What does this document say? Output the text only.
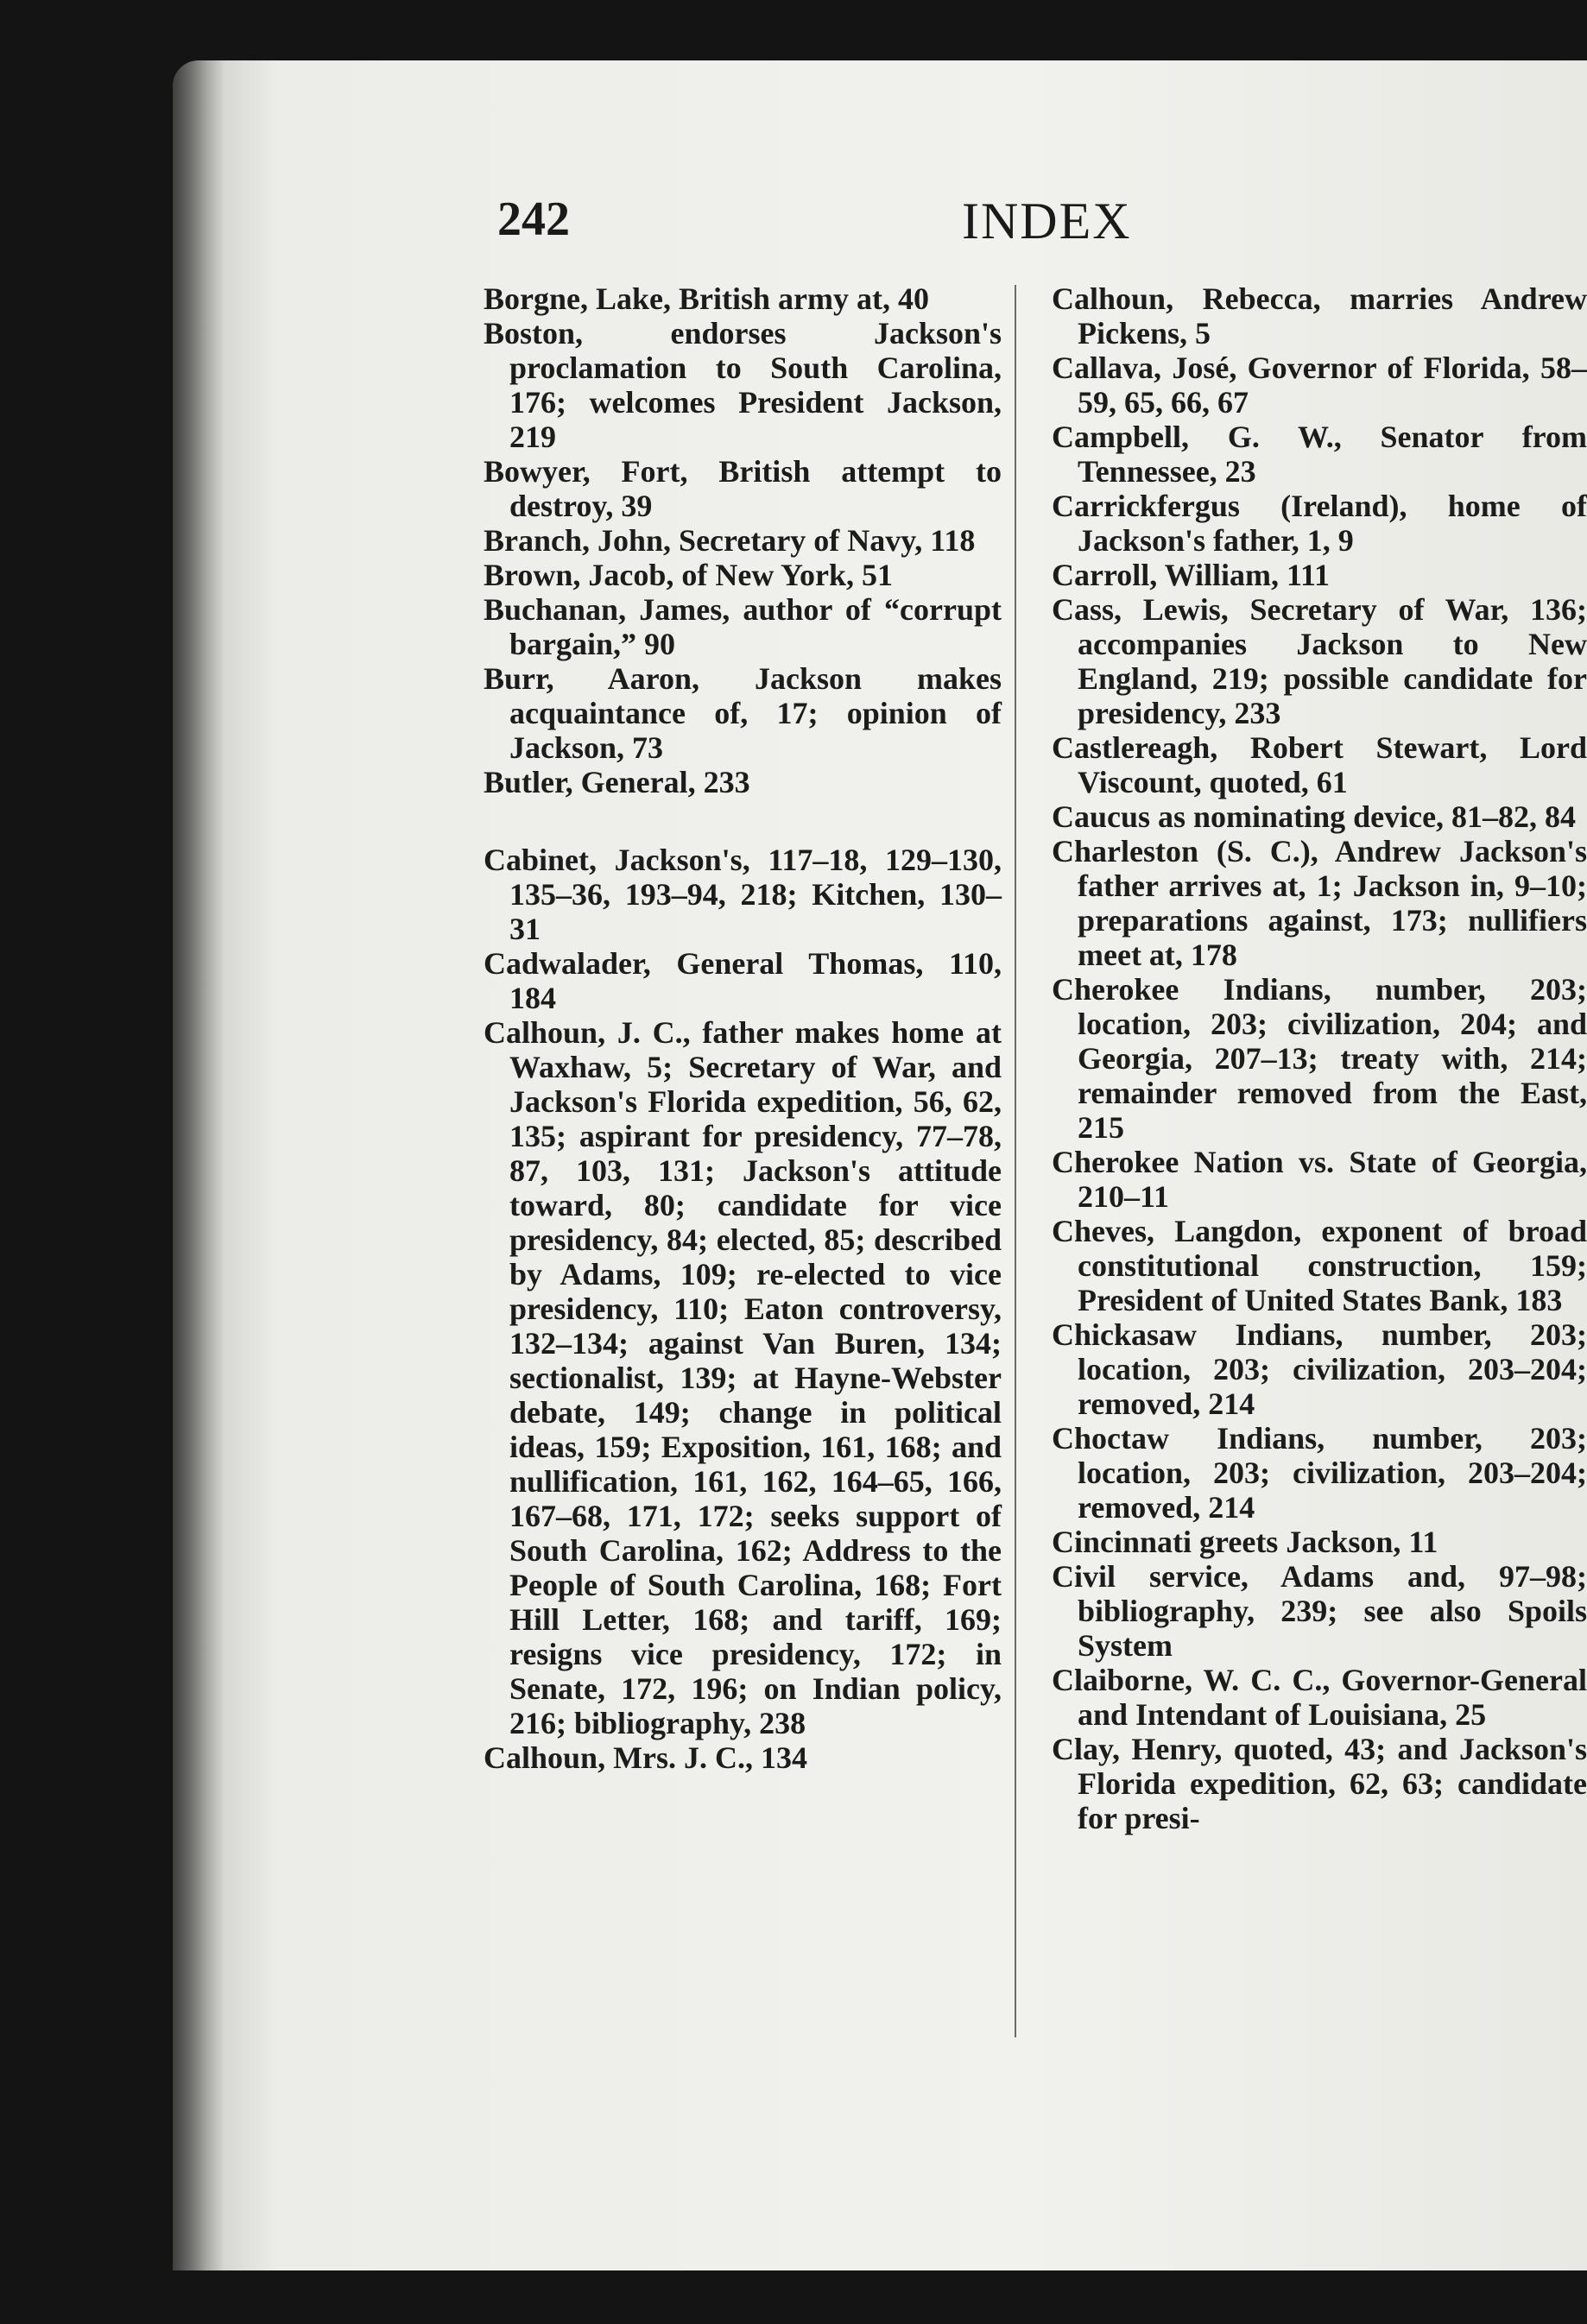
242	INDEX
Borgne, Lake, British army at, 40
Boston, endorses Jackson's proclamation to South Carolina, 176; welcomes President Jackson, 219
Bowyer, Fort, British attempt to destroy, 39
Branch, John, Secretary of Navy, 118
Brown, Jacob, of New York, 51
Buchanan, James, author of “corrupt bargain,” 90
Burr, Aaron, Jackson makes acquaintance of, 17; opinion of Jackson, 73
Butler, General, 233
Cabinet, Jackson's, 117–18, 129–130, 135–36, 193–94, 218; Kitchen, 130–31
Cadwalader, General Thomas, 110, 184
Calhoun, J. C., father makes home at Waxhaw, 5; Secretary of War, and Jackson's Florida expedition, 56, 62, 135; aspirant for presidency, 77–78, 87, 103, 131; Jackson's attitude toward, 80; candidate for vice presidency, 84; elected, 85; described by Adams, 109; re-elected to vice presidency, 110; Eaton controversy, 132–134; against Van Buren, 134; sectionalist, 139; at Hayne-Webster debate, 149; change in political ideas, 159; Exposition, 161, 168; and nullification, 161, 162, 164–65, 166, 167–68, 171, 172; seeks support of South Carolina, 162; Address to the People of South Carolina, 168; Fort Hill Letter, 168; and tariff, 169; resigns vice presidency, 172; in Senate, 172, 196; on Indian policy, 216; bibliography, 238
Calhoun, Mrs. J. C., 134
Calhoun, Rebecca, marries Andrew Pickens, 5
Callava, José, Governor of Florida, 58–59, 65, 66, 67
Campbell, G. W., Senator from Tennessee, 23
Carrickfergus (Ireland), home of Jackson's father, 1, 9
Carroll, William, 111
Cass, Lewis, Secretary of War, 136; accompanies Jackson to New England, 219; possible candidate for presidency, 233
Castlereagh, Robert Stewart, Lord Viscount, quoted, 61
Caucus as nominating device, 81–82, 84
Charleston (S. C.), Andrew Jackson's father arrives at, 1; Jackson in, 9–10; preparations against, 173; nullifiers meet at, 178
Cherokee Indians, number, 203; location, 203; civilization, 204; and Georgia, 207–13; treaty with, 214; remainder removed from the East, 215
Cherokee Nation vs. State of Georgia, 210–11
Cheves, Langdon, exponent of broad constitutional construction, 159; President of United States Bank, 183
Chickasaw Indians, number, 203; location, 203; civilization, 203–204; removed, 214
Choctaw Indians, number, 203; location, 203; civilization, 203–204; removed, 214
Cincinnati greets Jackson, 11
Civil service, Adams and, 97–98; bibliography, 239; see also Spoils System
Claiborne, W. C. C., Governor-General and Intendant of Louisiana, 25
Clay, Henry, quoted, 43; and Jackson's Florida expedition, 62, 63; candidate for presi-
